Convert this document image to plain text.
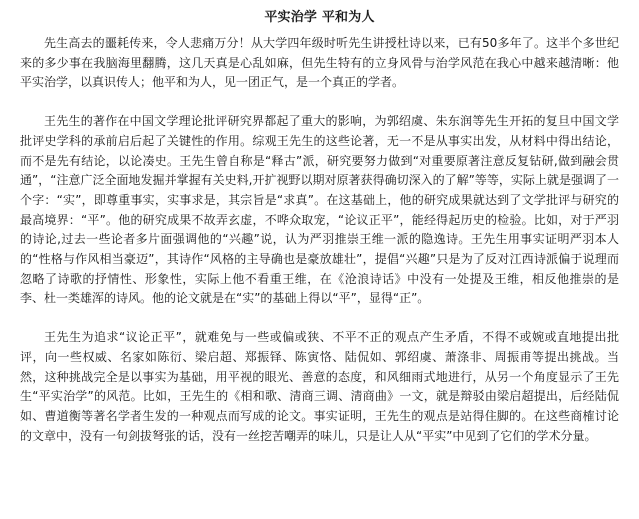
平实治学 平和为人

先生高去的噩耗传来，令人悲痛万分！从大学四年级时听先生讲授杜诗以来，已有50多年了。这半个多世纪来的多少事在我脑海里翻腾，这几天真是心乱如麻，但先生特有的立身风骨与治学风范在我心中越来越清晰：他平实治学，以真识传人；他平和为人，见一团正气，是一个真正的学者。

王先生的著作在中国文学理论批评研究界都起了重大的影响，为郭绍虞、朱东润等先生开拓的复旦中国文学批评史学科的承前启后起了关键性的作用。综观王先生的这些论著，无一不是从事实出发，从材料中得出结论，而不是先有结论，以论凑史。王先生曾自称是“释古”派，研究要努力做到“对重要原著注意反复钻研,做到融会贯通”，“注意广泛全面地发掘并掌握有关史料,开扩视野以期对原著获得确切深入的了解”等等，实际上就是强调了一个字：“实”，即尊重事实，实事求是，其宗旨是“求真”。在这基础上，他的研究成果就达到了文学批评与研究的最高境界：“平”。他的研究成果不故弄玄虚，不哗众取宠，“论议正平”，能经得起历史的检验。比如，对于严羽的诗论,过去一些论者多片面强调他的“兴趣”说，认为严羽推崇王维一派的隐逸诗。王先生用事实证明严羽本人的“性格与作风相当豪迈”，其诗作“风格的主导确也是豪放雄壮”，提倡“兴趣”只是为了反对江西诗派偏于说理而忽略了诗歌的抒情性、形象性，实际上他不看重王维，在《沧浪诗话》中没有一处提及王维，相反他推崇的是李、杜一类雄浑的诗风。他的论文就是在“实”的基础上得以“平”，显得“正”。

王先生为追求“议论正平”，就难免与一些或偏或狭、不平不正的观点产生矛盾，不得不或婉或直地提出批评，向一些权威、名家如陈衍、梁启超、郑振铎、陈寅恪、陆侃如、郭绍虞、萧涤非、周振甫等提出挑战。当然，这种挑战完全是以事实为基础，用平视的眼光、善意的态度，和风细雨式地进行，从另一个角度显示了王先生“平实治学”的风范。比如，王先生的《相和歌、清商三调、清商曲》一文，就是辩驳由梁启超提出，后经陆侃如、曹道衡等著名学者生发的一种观点而写成的论文。事实证明，王先生的观点是站得住脚的。在这些商榷讨论的文章中，没有一句剑拔弩张的话，没有一丝挖苦嘲弄的味儿，只是让人从“平实”中见到了它们的学术分量。
